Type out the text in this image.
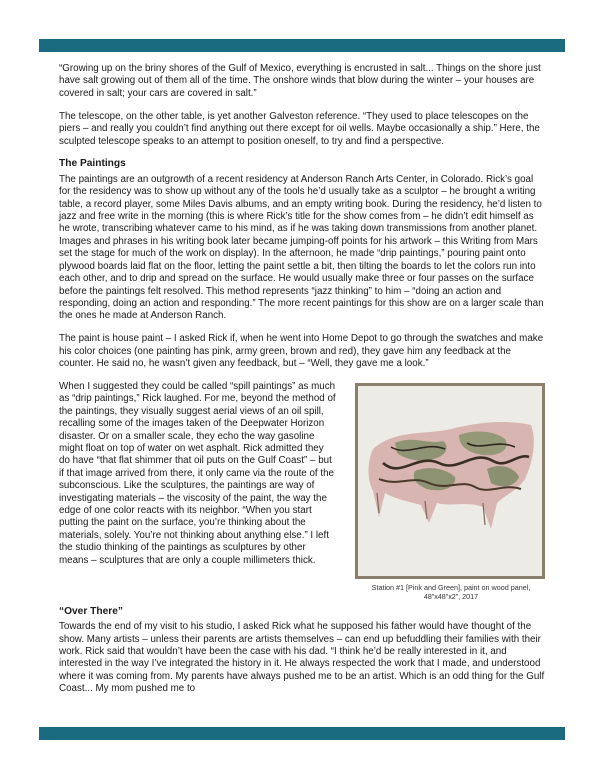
“Growing up on the briny shores of the Gulf of Mexico, everything is encrusted in salt... Things on the shore just have salt growing out of them all of the time. The onshore winds that blow during the winter – your houses are covered in salt; your cars are covered in salt.”

The telescope, on the other table, is yet another Galveston reference. “They used to place telescopes on the piers – and really you couldn’t find anything out there except for oil wells. Maybe occasionally a ship.” Here, the sculpted telescope speaks to an attempt to position oneself, to try and find a perspective.

The Paintings

The paintings are an outgrowth of a recent residency at Anderson Ranch Arts Center, in Colorado. Rick’s goal for the residency was to show up without any of the tools he’d usually take as a sculptor – he brought a writing table, a record player, some Miles Davis albums, and an empty writing book. During the residency, he’d listen to jazz and free write in the morning (this is where Rick’s title for the show comes from – he didn’t edit himself as he wrote, transcribing whatever came to his mind, as if he was taking down transmissions from another planet. Images and phrases in his writing book later became jumping-off points for his artwork – this Writing from Mars set the stage for much of the work on display). In the afternoon, he made “drip paintings,” pouring paint onto plywood boards laid flat on the floor, letting the paint settle a bit, then tilting the boards to let the colors run into each other, and to drip and spread on the surface. He would usually make three or four passes on the surface before the paintings felt resolved. This method represents “jazz thinking” to him – “doing an action and responding, doing an action and responding.” The more recent paintings for this show are on a larger scale than the ones he made at Anderson Ranch.

The paint is house paint – I asked Rick if, when he went into Home Depot to go through the swatches and make his color choices (one painting has pink, army green, brown and red), they gave him any feedback at the counter. He said no, he wasn’t given any feedback, but – “Well, they gave me a look.”

Station #1 [Pink and Green], paint on wood panel,
48”x48”x2”, 2017

When I suggested they could be called “spill paintings” as much as “drip paintings,” Rick laughed. For me, beyond the method of the paintings, they visually suggest aerial views of an oil spill, recalling some of the images taken of the Deepwater Horizon disaster. Or on a smaller scale, they echo the way gasoline might float on top of water on wet asphalt. Rick admitted they do have “that flat shimmer that oil puts on the Gulf Coast” – but if that image arrived from there, it only came via the route of the subconscious. Like the sculptures, the paintings are way of investigating materials – the viscosity of the paint, the way the edge of one color reacts with its neighbor. “When you start putting the paint on the surface, you’re thinking about the materials, solely. You’re not thinking about anything else.” I left the studio thinking of the paintings as sculptures by other means – sculptures that are only a couple millimeters thick.

“Over There”

Towards the end of my visit to his studio, I asked Rick what he supposed his father would have thought of the show. Many artists – unless their parents are artists themselves – can end up befuddling their families with their work. Rick said that wouldn’t have been the case with his dad. “I think he’d be really interested in it, and interested in the way I’ve integrated the history in it. He always respected the work that I made, and understood where it was coming from. My parents have always pushed me to be an artist. Which is an odd thing for the Gulf Coast... My mom pushed me to
